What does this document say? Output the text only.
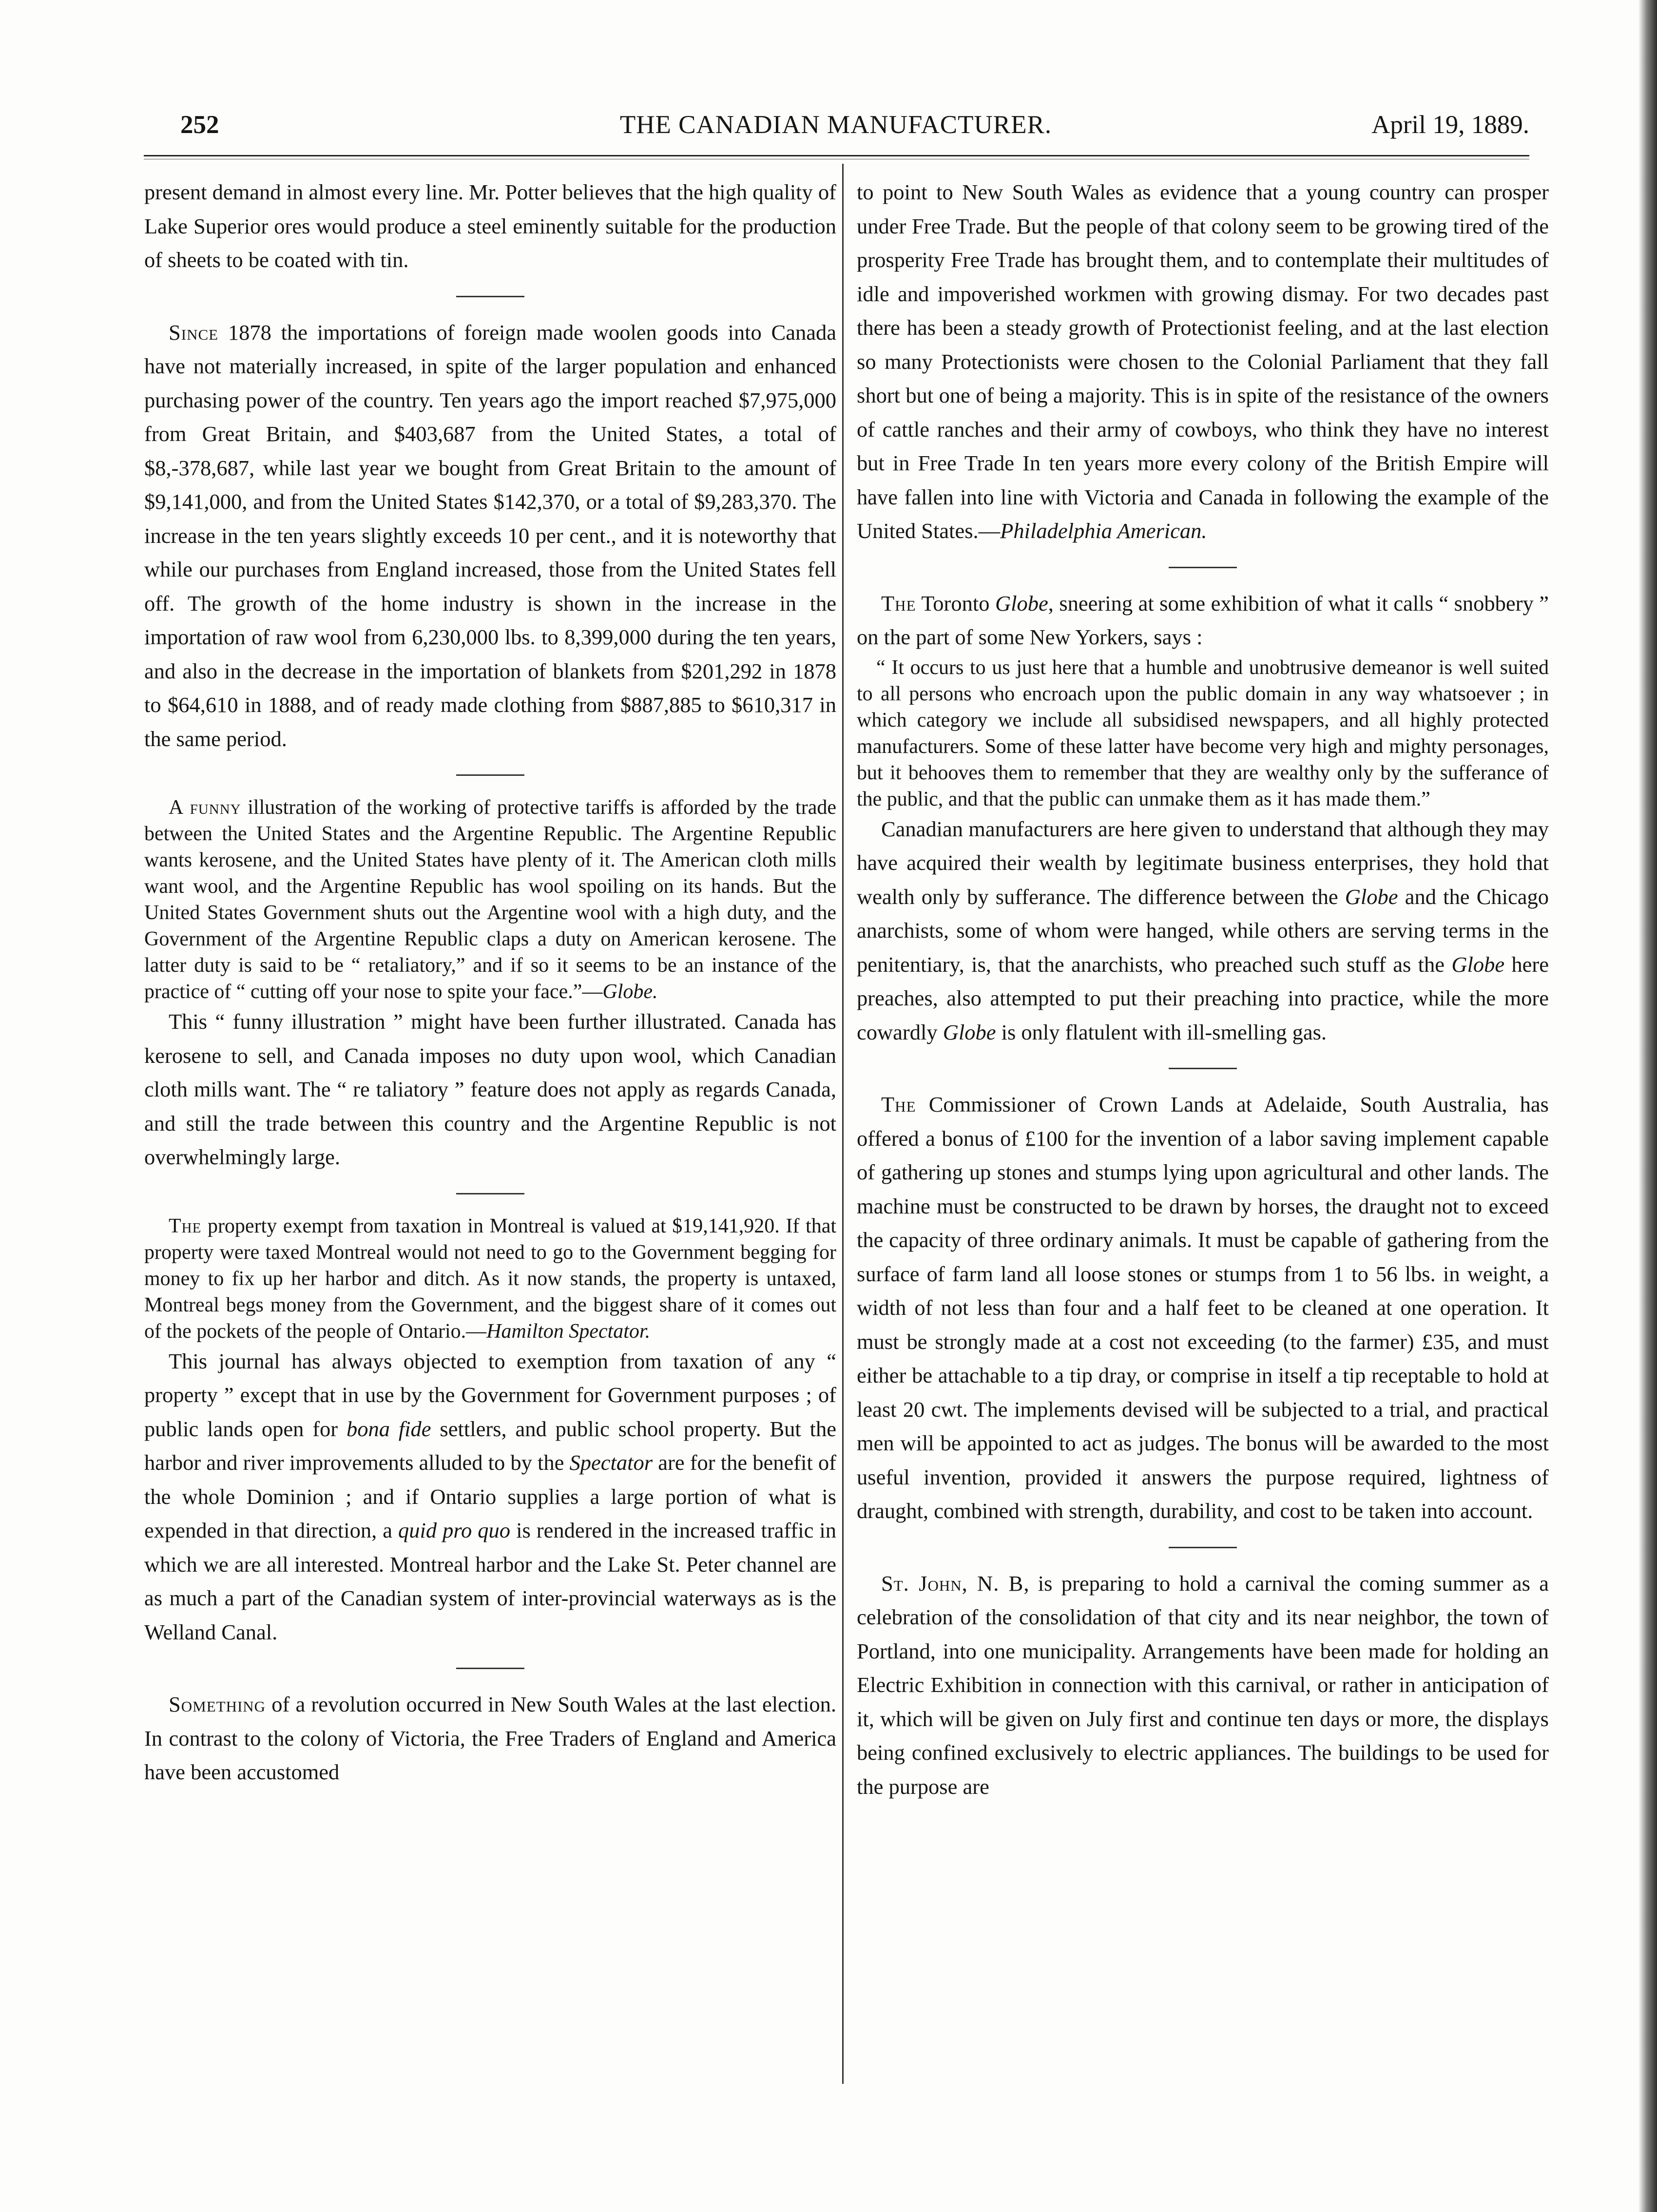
252	THE CANADIAN MANUFACTURER.	April 19, 1889.

present demand in almost every line. Mr. Potter believes that the high quality of Lake Superior ores would produce a steel eminently suitable for the production of sheets to be coated with tin.

Since 1878 the importations of foreign made woolen goods into Canada have not materially increased, in spite of the larger population and enhanced purchasing power of the country. Ten years ago the import reached $7,975,000 from Great Britain, and $403,687 from the United States, a total of $8,-378,687, while last year we bought from Great Britain to the amount of $9,141,000, and from the United States $142,370, or a total of $9,283,370. The increase in the ten years slightly exceeds 10 per cent., and it is noteworthy that while our purchases from England increased, those from the United States fell off. The growth of the home industry is shown in the increase in the importation of raw wool from 6,230,000 lbs. to 8,399,000 during the ten years, and also in the decrease in the importation of blankets from $201,292 in 1878 to $64,610 in 1888, and of ready made clothing from $887,885 to $610,317 in the same period.

A funny illustration of the working of protective tariffs is afforded by the trade between the United States and the Argentine Republic. The Argentine Republic wants kerosene, and the United States have plenty of it. The American cloth mills want wool, and the Argentine Republic has wool spoiling on its hands. But the United States Government shuts out the Argentine wool with a high duty, and the Government of the Argentine Republic claps a duty on American kerosene. The latter duty is said to be “ retaliatory,” and if so it seems to be an instance of the practice of “ cutting off your nose to spite your face.”—Globe.

This “ funny illustration ” might have been further illustrated. Canada has kerosene to sell, and Canada imposes no duty upon wool, which Canadian cloth mills want. The “ re taliatory ” feature does not apply as regards Canada, and still the trade between this country and the Argentine Republic is not overwhelmingly large.

The property exempt from taxation in Montreal is valued at $19,141,920. If that property were taxed Montreal would not need to go to the Government begging for money to fix up her harbor and ditch. As it now stands, the property is untaxed, Montreal begs money from the Government, and the biggest share of it comes out of the pockets of the people of Ontario.—Hamilton Spectator.

This journal has always objected to exemption from taxation of any “ property ” except that in use by the Government for Government purposes ; of public lands open for bona fide settlers, and public school property. But the harbor and river improvements alluded to by the Spectator are for the benefit of the whole Dominion ; and if Ontario supplies a large portion of what is expended in that direction, a quid pro quo is rendered in the increased traffic in which we are all interested. Montreal harbor and the Lake St. Peter channel are as much a part of the Canadian system of inter-provincial waterways as is the Welland Canal.

Something of a revolution occurred in New South Wales at the last election. In contrast to the colony of Victoria, the Free Traders of England and America have been accustomed

to point to New South Wales as evidence that a young country can prosper under Free Trade. But the people of that colony seem to be growing tired of the prosperity Free Trade has brought them, and to contemplate their multitudes of idle and impoverished workmen with growing dismay. For two decades past there has been a steady growth of Protectionist feeling, and at the last election so many Protectionists were chosen to the Colonial Parliament that they fall short but one of being a majority. This is in spite of the resistance of the owners of cattle ranches and their army of cowboys, who think they have no interest but in Free Trade In ten years more every colony of the British Empire will have fallen into line with Victoria and Canada in following the example of the United States.—Philadelphia American.

The Toronto Globe, sneering at some exhibition of what it calls “ snobbery ” on the part of some New Yorkers, says :

“ It occurs to us just here that a humble and unobtrusive demeanor is well suited to all persons who encroach upon the public domain in any way whatsoever ; in which category we include all subsidised newspapers, and all highly protected manufacturers. Some of these latter have become very high and mighty personages, but it behooves them to remember that they are wealthy only by the sufferance of the public, and that the public can unmake them as it has made them.”

Canadian manufacturers are here given to understand that although they may have acquired their wealth by legitimate business enterprises, they hold that wealth only by sufferance. The difference between the Globe and the Chicago anarchists, some of whom were hanged, while others are serving terms in the penitentiary, is, that the anarchists, who preached such stuff as the Globe here preaches, also attempted to put their preaching into practice, while the more cowardly Globe is only flatulent with ill-smelling gas.

The Commissioner of Crown Lands at Adelaide, South Australia, has offered a bonus of £100 for the invention of a labor saving implement capable of gathering up stones and stumps lying upon agricultural and other lands. The machine must be constructed to be drawn by horses, the draught not to exceed the capacity of three ordinary animals. It must be capable of gathering from the surface of farm land all loose stones or stumps from 1 to 56 lbs. in weight, a width of not less than four and a half feet to be cleaned at one operation. It must be strongly made at a cost not exceeding (to the farmer) £35, and must either be attachable to a tip dray, or comprise in itself a tip receptable to hold at least 20 cwt. The implements devised will be subjected to a trial, and practical men will be appointed to act as judges. The bonus will be awarded to the most useful invention, provided it answers the purpose required, lightness of draught, combined with strength, durability, and cost to be taken into account.

St. John, N. B, is preparing to hold a carnival the coming summer as a celebration of the consolidation of that city and its near neighbor, the town of Portland, into one municipality. Arrangements have been made for holding an Electric Exhibition in connection with this carnival, or rather in anticipation of it, which will be given on July first and continue ten days or more, the displays being confined exclusively to electric appliances. The buildings to be used for the purpose are
